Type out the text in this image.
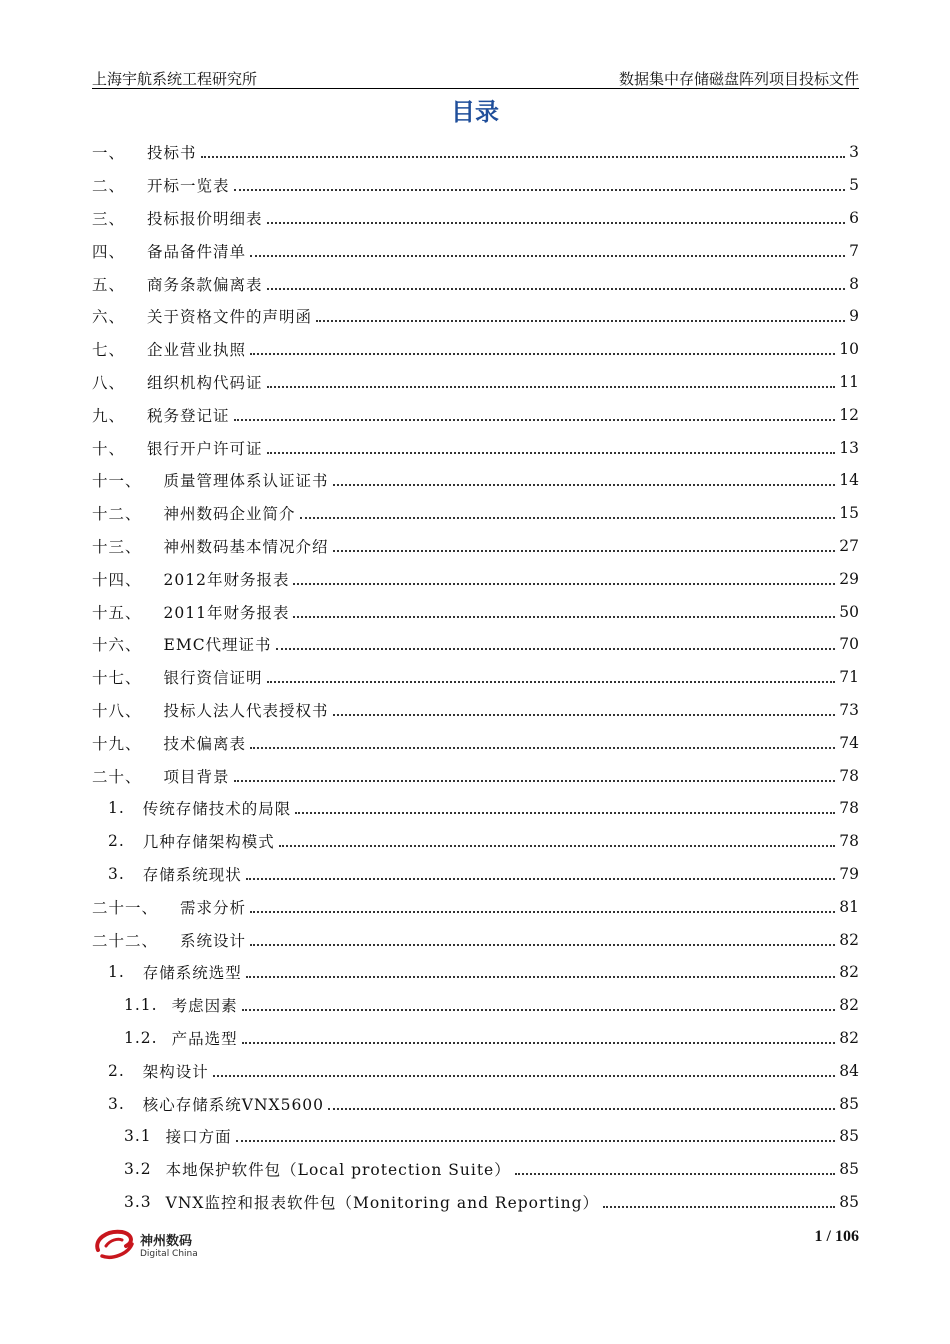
上海宇航系统工程研究所	数据集中存储磁盘阵列项目投标文件
目录
一、 投标书	3
二、 开标一览表	5
三、 投标报价明细表	6
四、 备品备件清单	7
五、 商务条款偏离表	8
六、 关于资格文件的声明函	9
七、 企业营业执照	10
八、 组织机构代码证	11
九、 税务登记证	12
十、 银行开户许可证	13
十一、 质量管理体系认证证书	14
十二、 神州数码企业简介	15
十三、 神州数码基本情况介绍	27
十四、 2012年财务报表	29
十五、 2011年财务报表	50
十六、 EMC代理证书	70
十七、 银行资信证明	71
十八、 投标人法人代表授权书	73
十九、 技术偏离表	74
二十、 项目背景	78
1. 传统存储技术的局限	78
2. 几种存储架构模式	78
3. 存储系统现状	79
二十一、 需求分析	81
二十二、 系统设计	82
1. 存储系统选型	82
1.1. 考虑因素	82
1.2. 产品选型	82
2. 架构设计	84
3. 核心存储系统VNX5600	85
3.1 接口方面	85
3.2 本地保护软件包（Local protection Suite）	85
3.3 VNX监控和报表软件包（Monitoring and Reporting）	85
神州数码
Digital China
1 / 106
